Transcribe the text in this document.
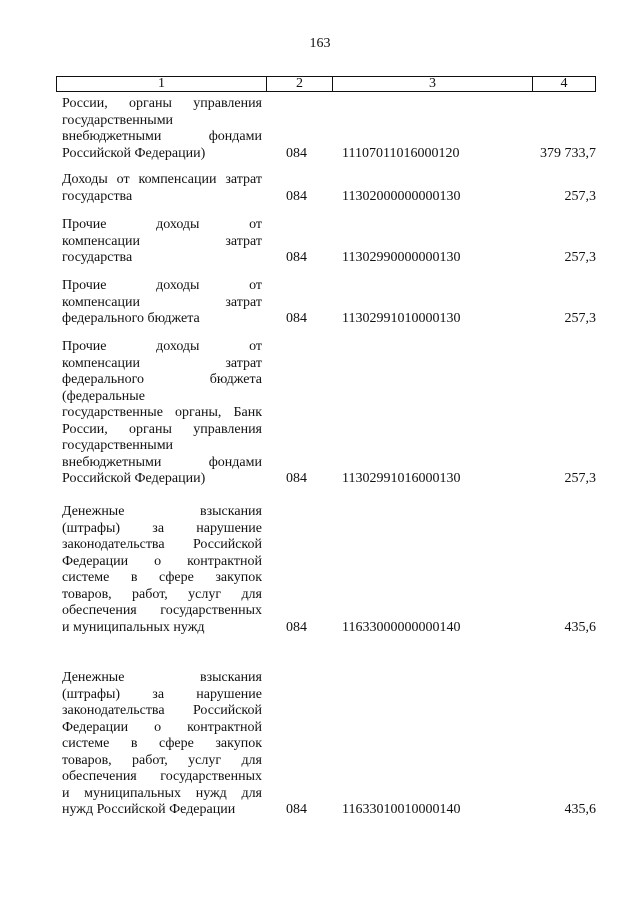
163
1	2	3	4
России, органы управления
государственными
внебюджетными фондами
Российской Федерации)	084	11107011016000120	379 733,7
Доходы от компенсации затрат
государства	084	11302000000000130	257,3
Прочие доходы от
компенсации затрат
государства	084	11302990000000130	257,3
Прочие доходы от
компенсации затрат
федерального бюджета	084	11302991010000130	257,3
Прочие доходы от
компенсации затрат
федерального бюджета
(федеральные
государственные органы, Банк
России, органы управления
государственными
внебюджетными фондами
Российской Федерации)	084	11302991016000130	257,3
Денежные взыскания
(штрафы) за нарушение
законодательства Российской
Федерации о контрактной
системе в сфере закупок
товаров, работ, услуг для
обеспечения государственных
и муниципальных нужд	084	11633000000000140	435,6
Денежные взыскания
(штрафы) за нарушение
законодательства Российской
Федерации о контрактной
системе в сфере закупок
товаров, работ, услуг для
обеспечения государственных
и муниципальных нужд для
нужд Российской Федерации	084	11633010010000140	435,6
